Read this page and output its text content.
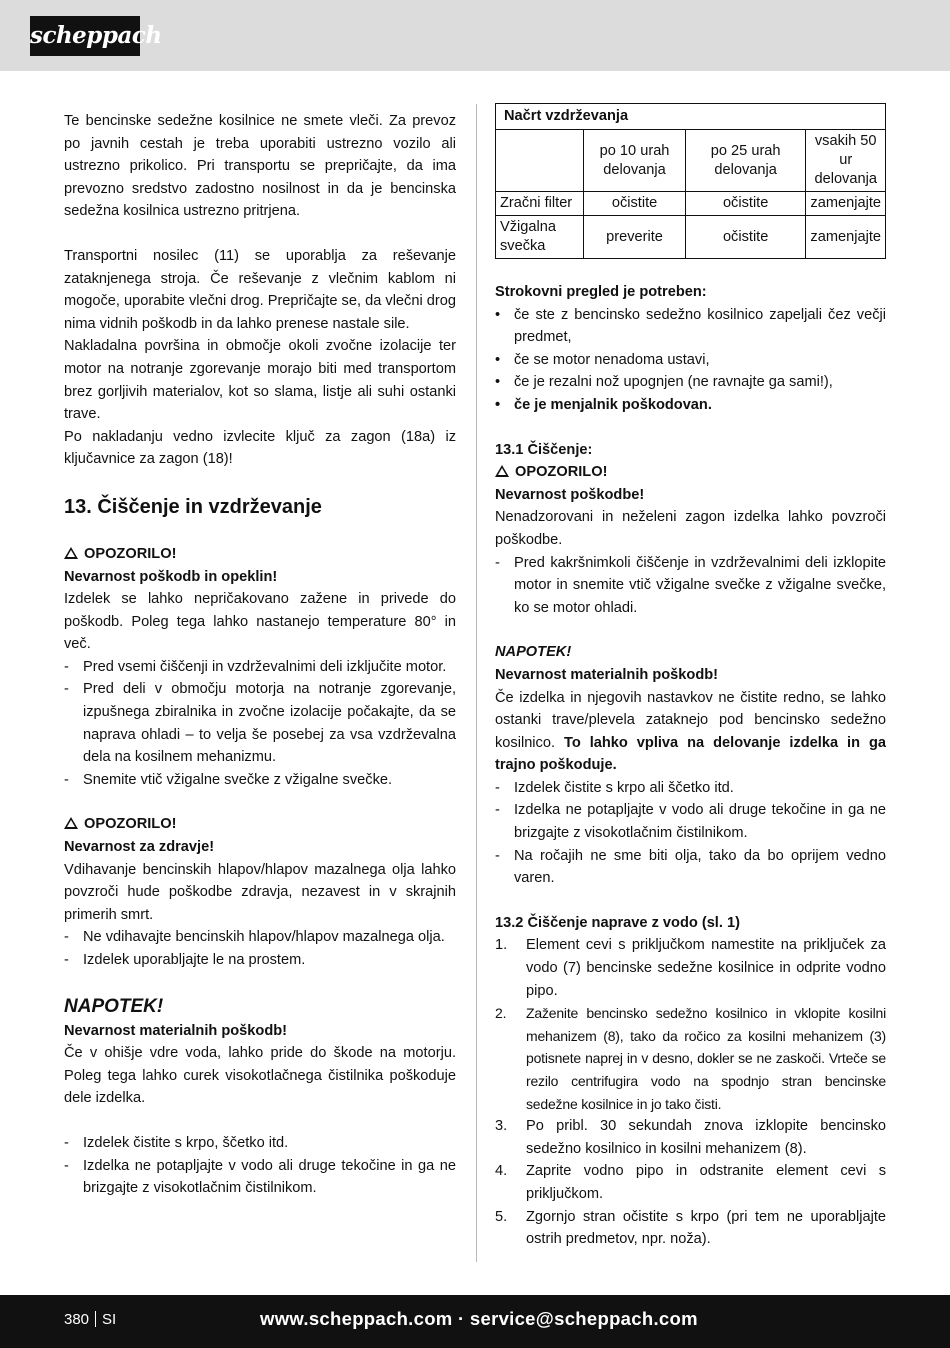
scheppach

Te bencinske sedežne kosilnice ne smete vleči. Za prevoz po javnih cestah je treba uporabiti ustrezno vozilo ali ustrezno prikolico. Pri transportu se prepričajte, da ima prevozno sredstvo zadostno nosilnost in da je bencinska sedežna kosilnica ustrezno pritrjena.

Transportni nosilec (11) se uporablja za reševanje zataknjenega stroja. Če reševanje z vlečnim kablom ni mogoče, uporabite vlečni drog. Prepričajte se, da vlečni drog nima vidnih poškodb in da lahko prenese nastale sile.

Nakladalna površina in območje okoli zvočne izolacije ter motor na notranje zgorevanje morajo biti med transportom brez gorljivih materialov, kot so slama, listje ali suhi ostanki trave.

Po nakladanju vedno izvlecite ključ za zagon (18a) iz ključavnice za zagon (18)!

13. Čiščenje in vzdrževanje

OPOZORILO!

Nevarnost poškodb in opeklin!

Izdelek se lahko nepričakovano zažene in privede do poškodb. Poleg tega lahko nastanejo temperature 80° in več.

- Pred vsemi čiščenji in vzdrževalnimi deli izključite motor.
- Pred deli v območju motorja na notranje zgorevanje, izpušnega zbiralnika in zvočne izolacije počakajte, da se naprava ohladi – to velja še posebej za vsa vzdrževalna dela na kosilnem mehanizmu.
- Snemite vtič vžigalne svečke z vžigalne svečke.

OPOZORILO!

Nevarnost za zdravje!

Vdihavanje bencinskih hlapov/hlapov mazalnega olja lahko povzroči hude poškodbe zdravja, nezavest in v skrajnih primerih smrt.

- Ne vdihavajte bencinskih hlapov/hlapov mazalnega olja.
- Izdelek uporabljajte le na prostem.

NAPOTEK!

Nevarnost materialnih poškodb!

Če v ohišje vdre voda, lahko pride do škode na motorju. Poleg tega lahko curek visokotlačnega čistilnika poškoduje dele izdelka.

- Izdelek čistite s krpo, ščetko itd.
- Izdelka ne potapljajte v vodo ali druge tekočine in ga ne brizgajte z visokotlačnim čistilnikom.
Načrt vzdrževanja			
	po 10 urah delovanja	po 25 urah delovanja	vsakih 50 ur delovanja
Zračni filter	očistite	očistite	zamenjajte
Vžigalna svečka	preverite	očistite	zamenjajte

Strokovni pregled je potreben:

• če ste z bencinsko sedežno kosilnico zapeljali čez večji predmet,
• če se motor nenadoma ustavi,
• če je rezalni nož upognjen (ne ravnajte ga sami!),
• če je menjalnik poškodovan.

13.1 Čiščenje:

OPOZORILO!

Nevarnost poškodbe!

Nenadzorovani in neželeni zagon izdelka lahko povzroči poškodbe.

- Pred kakršnimkoli čiščenje in vzdrževalnimi deli izklopite motor in snemite vtič vžigalne svečke z vžigalne svečke, ko se motor ohladi.

NAPOTEK!

Nevarnost materialnih poškodb!

Če izdelka in njegovih nastavkov ne čistite redno, se lahko ostanki trave/plevela zataknejo pod bencinsko sedežno kosilnico. To lahko vpliva na delovanje izdelka in ga trajno poškoduje.

- Izdelek čistite s krpo ali ščetko itd.
- Izdelka ne potapljajte v vodo ali druge tekočine in ga ne brizgajte z visokotlačnim čistilnikom.
- Na ročajih ne sme biti olja, tako da bo oprijem vedno varen.

13.2 Čiščenje naprave z vodo (sl. 1)

1. Element cevi s priključkom namestite na priključek za vodo (7) bencinske sedežne kosilnice in odprite vodno pipo.
2. Zaženite bencinsko sedežno kosilnico in vklopite kosilni mehanizem (8), tako da ročico za kosilni mehanizem (3) potisnete naprej in v desno, dokler se ne zaskoči. Vrteče se rezilo centrifugira vodo na spodnjo stran bencinske sedežne kosilnice in jo tako čisti.
3. Po pribl. 30 sekundah znova izklopite bencinsko sedežno kosilnico in kosilni mehanizem (8).
4. Zaprite vodno pipo in odstranite element cevi s priključkom.
5. Zgornjo stran očistite s krpo (pri tem ne uporabljajte ostrih predmetov, npr. noža).
380 SI	www.scheppach.com · service@scheppach.com
